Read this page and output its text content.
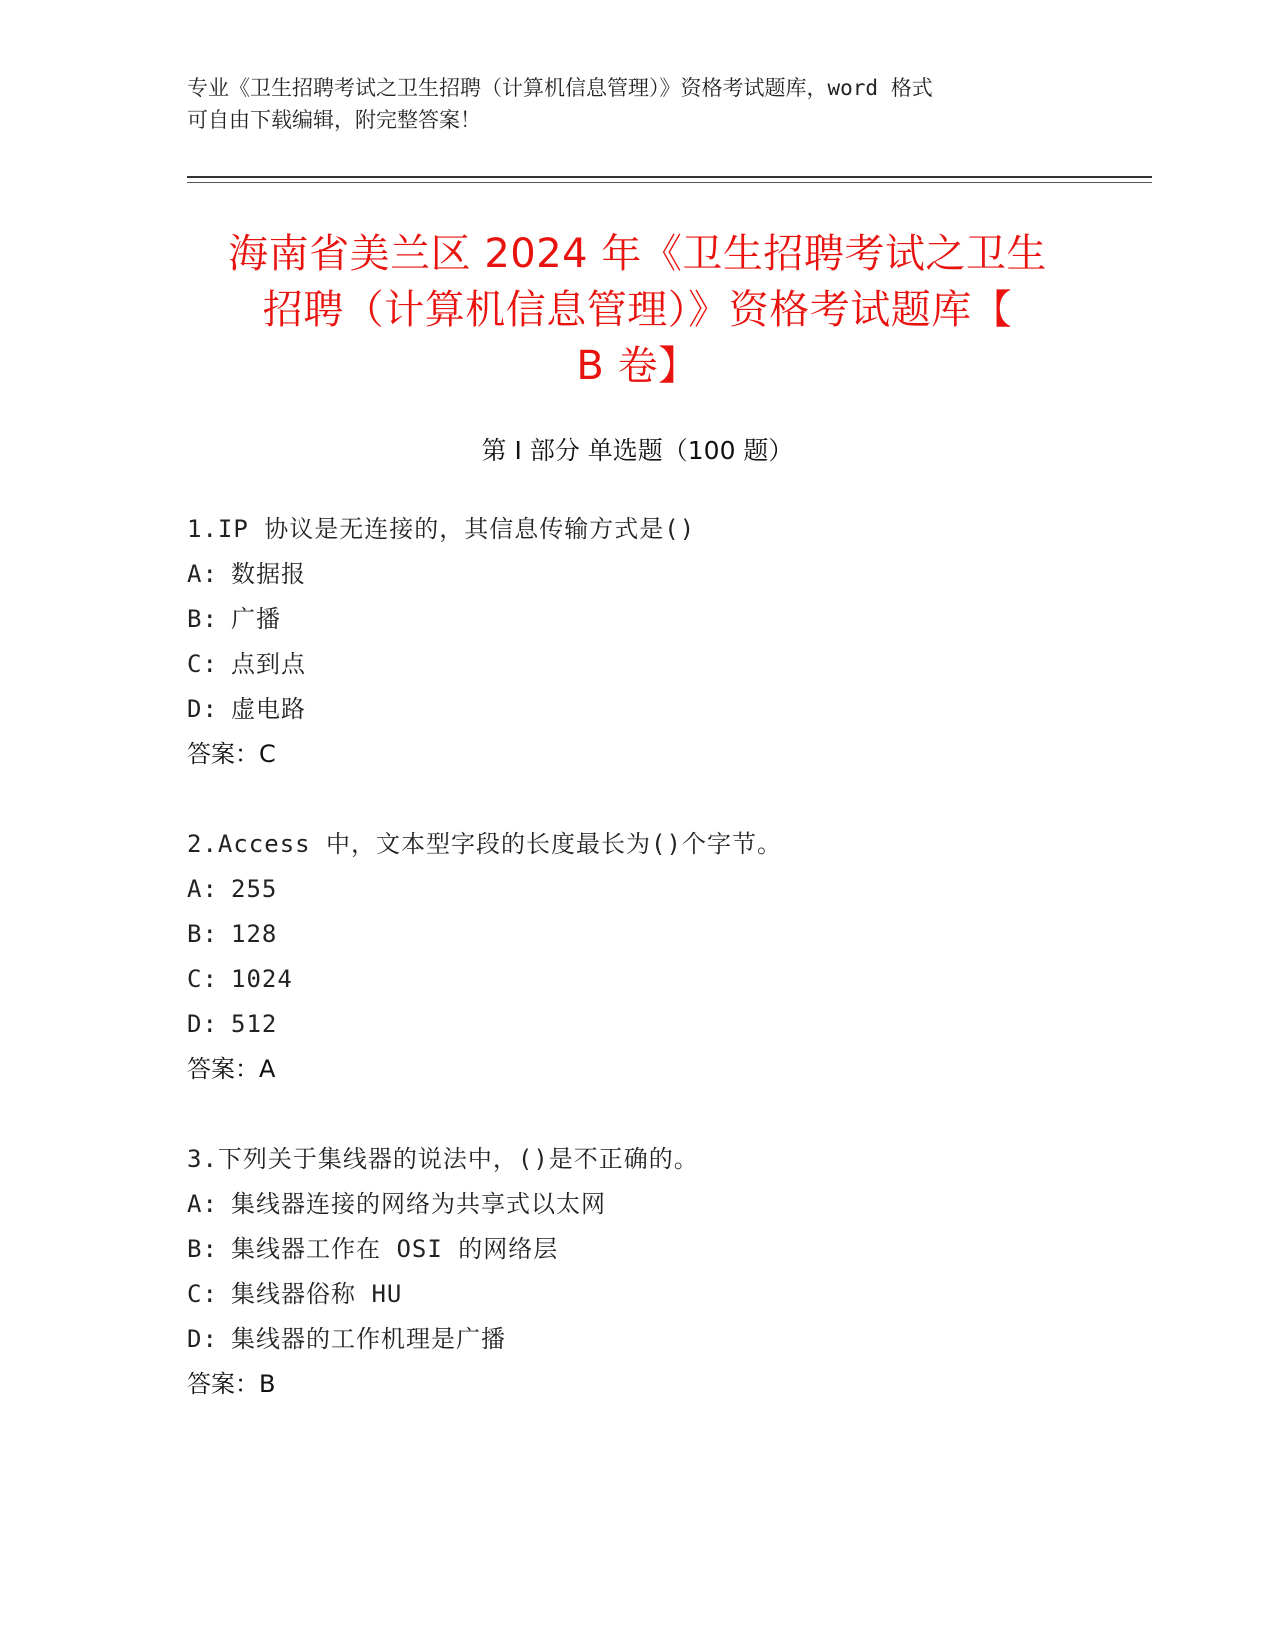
专业《卫生招聘考试之卫生招聘（计算机信息管理）》资格考试题库，word 格式
可自由下载编辑，附完整答案！
海南省美兰区 2024 年《卫生招聘考试之卫生
招聘（计算机信息管理）》资格考试题库【
B 卷】
第 I 部分 单选题（100 题）
1.IP 协议是无连接的，其信息传输方式是()
A: 数据报
B: 广播
C: 点到点
D: 虚电路
答案：C
2.Access 中，文本型字段的长度最长为()个字节。
A: 255
B: 128
C: 1024
D: 512
答案：A
3.下列关于集线器的说法中，()是不正确的。
A: 集线器连接的网络为共享式以太网
B: 集线器工作在 OSI 的网络层
C: 集线器俗称 HU
D: 集线器的工作机理是广播
答案：B
